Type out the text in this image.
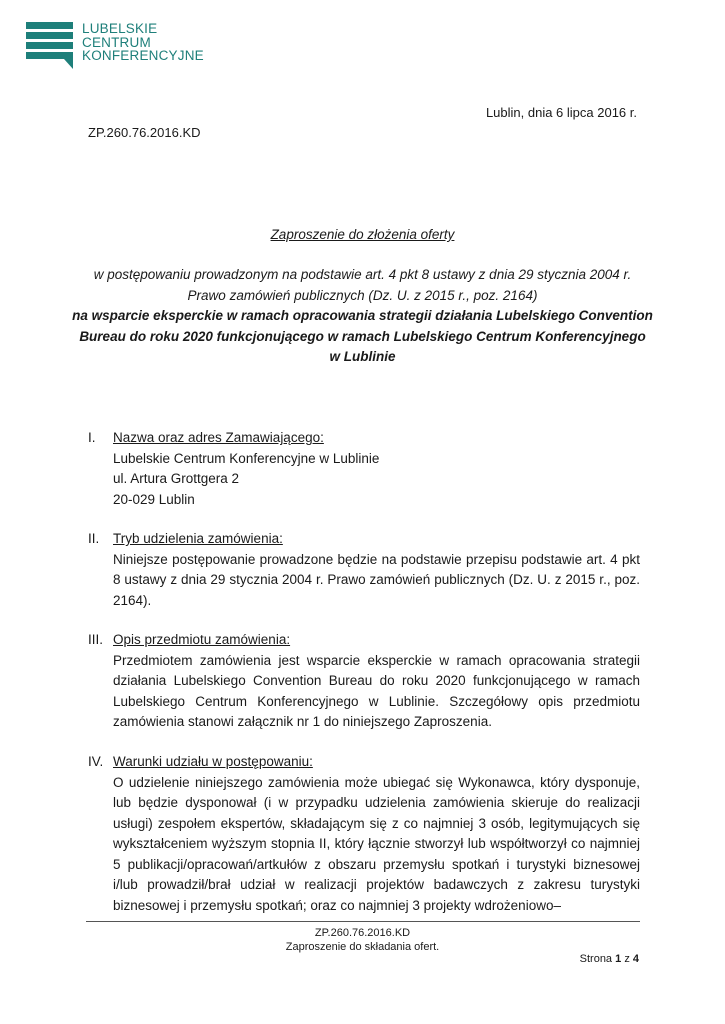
LUBELSKIE
CENTRUM
KONFERENCYJNE
Lublin, dnia 6 lipca 2016 r.
ZP.260.76.2016.KD
Zaproszenie do złożenia oferty
w postępowaniu prowadzonym na podstawie art. 4 pkt 8 ustawy z dnia 29 stycznia 2004 r.
Prawo zamówień publicznych (Dz. U. z 2015 r., poz. 2164)
na wsparcie eksperckie w ramach opracowania strategii działania Lubelskiego Convention
Bureau do roku 2020 funkcjonującego w ramach Lubelskiego Centrum Konferencyjnego
w Lublinie
I. Nazwa oraz adres Zamawiającego:
Lubelskie Centrum Konferencyjne w Lublinie
ul. Artura Grottgera 2
20-029 Lublin
II. Tryb udzielenia zamówienia:
Niniejsze postępowanie prowadzone będzie na podstawie przepisu podstawie art. 4 pkt 8 ustawy z dnia 29 stycznia 2004 r. Prawo zamówień publicznych (Dz. U. z 2015 r., poz. 2164).
III. Opis przedmiotu zamówienia:
Przedmiotem zamówienia jest wsparcie eksperckie w ramach opracowania strategii działania Lubelskiego Convention Bureau do roku 2020 funkcjonującego w ramach Lubelskiego Centrum Konferencyjnego w Lublinie. Szczegółowy opis przedmiotu zamówienia stanowi załącznik nr 1 do niniejszego Zaproszenia.
IV. Warunki udziału w postępowaniu:
O udzielenie niniejszego zamówienia może ubiegać się Wykonawca, który dysponuje, lub będzie dysponował (i w przypadku udzielenia zamówienia skieruje do realizacji usługi) zespołem ekspertów, składającym się z co najmniej 3 osób, legitymujących się wykształceniem wyższym stopnia II, który łącznie stworzył lub współtworzył co najmniej 5 publikacji/opracowań/artkułów z obszaru przemysłu spotkań i turystyki biznesowej i/lub prowadził/brał udział w realizacji projektów badawczych z zakresu turystyki biznesowej i przemysłu spotkań; oraz co najmniej 3 projekty wdrożeniowo–
ZP.260.76.2016.KD
Zaproszenie do składania ofert.
Strona 1 z 4
